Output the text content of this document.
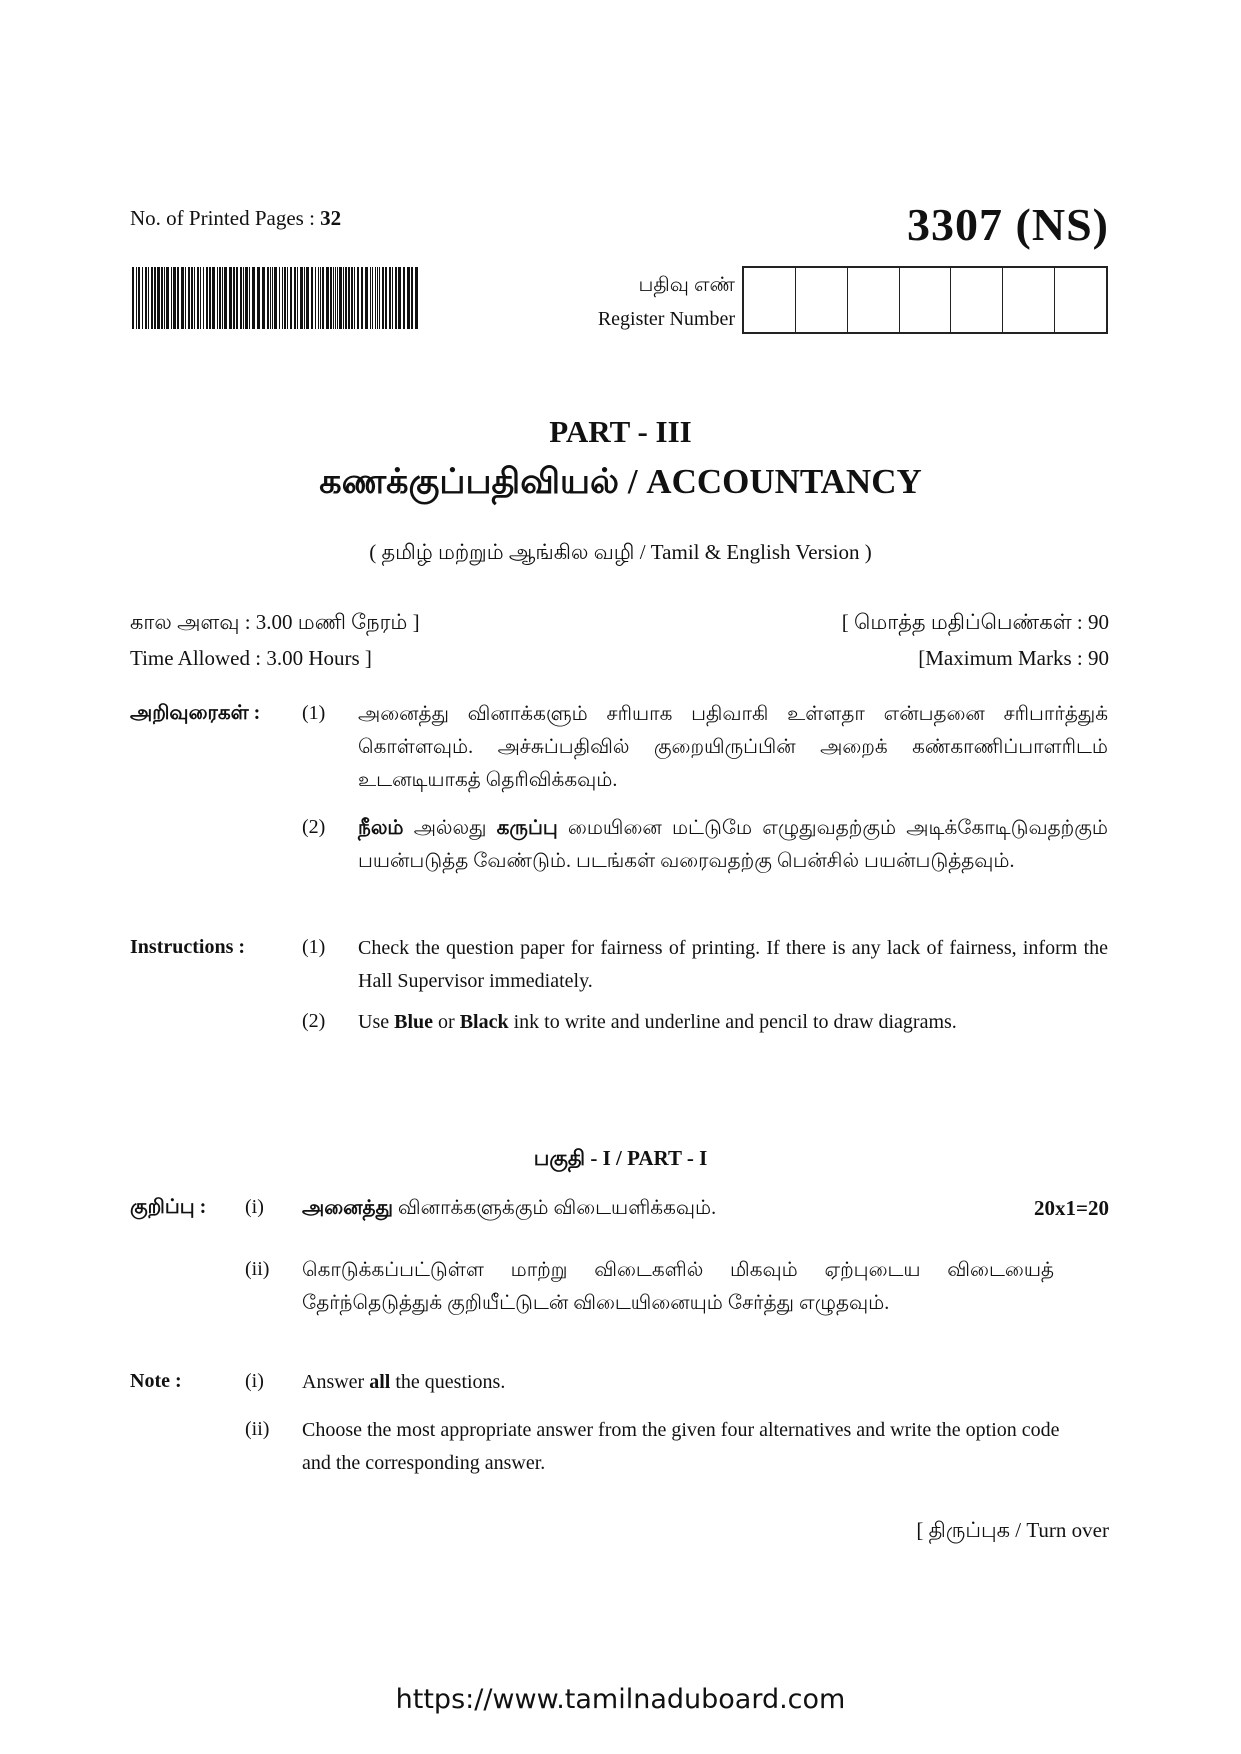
No. of Printed Pages : 32	3307 (NS)
பதிவு எண்
Register Number
PART - III
கணக்குப்பதிவியல் / ACCOUNTANCY
( தமிழ் மற்றும் ஆங்கில வழி / Tamil & English Version )
கால அளவு : 3.00 மணி நேரம் ]
Time Allowed : 3.00 Hours ]
[ மொத்த மதிப்பெண்கள் : 90
[Maximum Marks : 90
அறிவுரைகள் : (1) அனைத்து வினாக்களும் சரியாக பதிவாகி உள்ளதா என்பதனை சரிபார்த்துக் கொள்ளவும். அச்சுப்பதிவில் குறையிருப்பின் அறைக் கண்காணிப்பாளரிடம் உடனடியாகத் தெரிவிக்கவும்.
(2) நீலம் அல்லது கருப்பு மையினை மட்டுமே எழுதுவதற்கும் அடிக்கோடிடுவதற்கும் பயன்படுத்த வேண்டும். படங்கள் வரைவதற்கு பென்சில் பயன்படுத்தவும்.
Instructions :	(1) Check the question paper for fairness of printing. If there is any lack of fairness, inform the Hall Supervisor immediately.
(2) Use Blue or Black ink to write and underline and pencil to draw diagrams.
பகுதி - I / PART - I
குறிப்பு : (i) அனைத்து வினாக்களுக்கும் விடையளிக்கவும்.	20x1=20
(ii) கொடுக்கப்பட்டுள்ள மாற்று விடைகளில் மிகவும் ஏற்புடைய விடையைத் தேர்ந்தெடுத்துக் குறியீட்டுடன் விடையினையும் சேர்த்து எழுதவும்.
Note :	(i) Answer all the questions.
(ii) Choose the most appropriate answer from the given four alternatives and write the option code and the corresponding answer.
[ திருப்புக / Turn over
https://www.tamilnaduboard.com
